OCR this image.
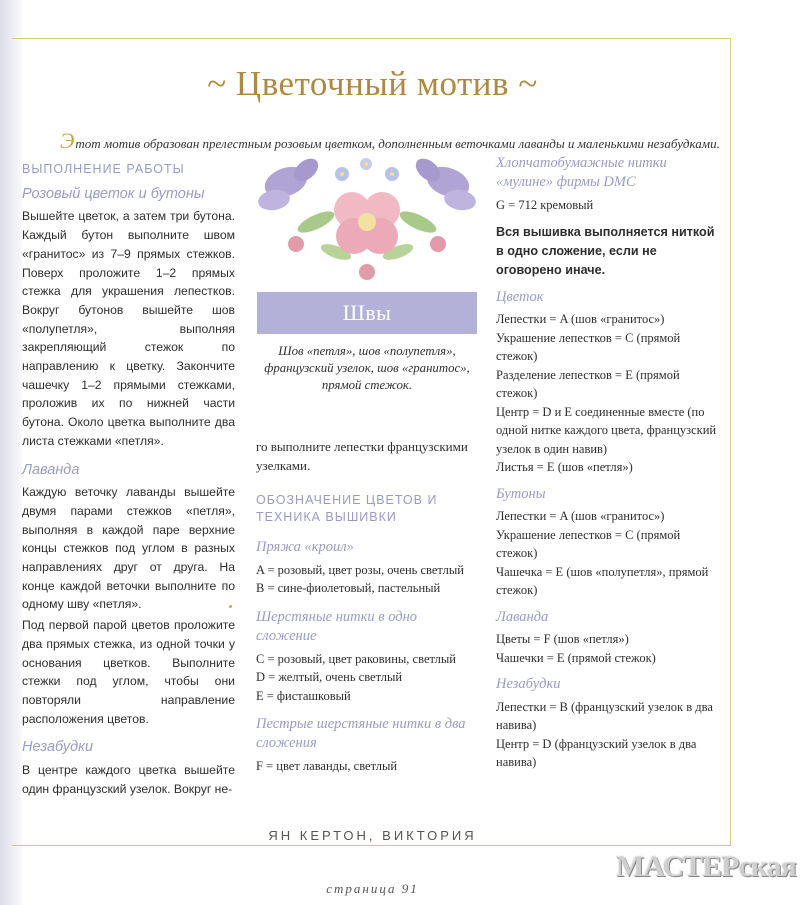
~ Цветочный мотив ~
Этот мотив образован прелестным розовым цветком, дополненным веточками лаванды и маленькими незабудками.
ВЫПОЛНЕНИЕ РАБОТЫ
Розовый цветок и бутоны

Вышейте цветок, а затем три бутона. Каждый бутон выполните швом «гранитос» из 7–9 прямых стежков. Поверх проложите 1–2 прямых стежка для украшения лепестков. Вокруг бутонов вышейте шов «полупетля», выполняя закрепляющий стежок по направлению к цветку. Закончите чашечку 1–2 прямыми стежками, проложив их по нижней части бутона. Около цветка выполните два листа стежками «петля».

Лаванда

Каждую веточку лаванды вышейте двумя парами стежков «петля», выполняя в каждой паре верхние концы стежков под углом в разных направлениях друг от друга. На конце каждой веточки выполните по одному шву «петля».

Под первой парой цветов проложите два прямых стежка, из одной точки у основания цветков. Выполните стежки под углом, чтобы они повторяли направление расположения цветов.

Незабудки

В центре каждого цветка вышейте один французский узелок. Вокруг не-

Швы
Шов «петля», шов «полупетля», французский узелок, шов «гранитос», прямой стежок.
го выполните лепестки французскими узелками.
ОБОЗНАЧЕНИЕ ЦВЕТОВ И ТЕХНИКА ВЫШИВКИ
Пряжа «кроил»
A = розовый, цвет розы, очень светлый
B = сине-фиолетовый, пастельный
Шерстяные нитки в одно сложение
C = розовый, цвет раковины, светлый
D = желтый, очень светлый
E = фисташковый
Пестрые шерстяные нитки в два сложения
F = цвет лаванды, светлый
Хлопчатобумажные нитки «мулине» фирмы DMC
G = 712 кремовый
Вся вышивка выполняется ниткой в одно сложение, если не оговорено иначе.
Цветок
Лепестки = A (шов «гранитос»)
Украшение лепестков = C (прямой стежок)
Разделение лепестков = E (прямой стежок)
Центр = D и E соединенные вместе (по одной нитке каждого цвета, французский узелок в один навив)
Листья = E (шов «петля»)
Бутоны
Лепестки = A (шов «гранитос»)
Украшение лепестков = C (прямой стежок)
Чашечка = E (шов «полупетля», прямой стежок)
Лаванда
Цветы = F (шов «петля»)
Чашечки = E (прямой стежок)
Незабудки
Лепестки = B (французский узелок в два навива)
Центр = D (французский узелок в два навива)
ЯН КЕРТОН, ВИКТОРИЯ
страница 91
МАСТЕРская
